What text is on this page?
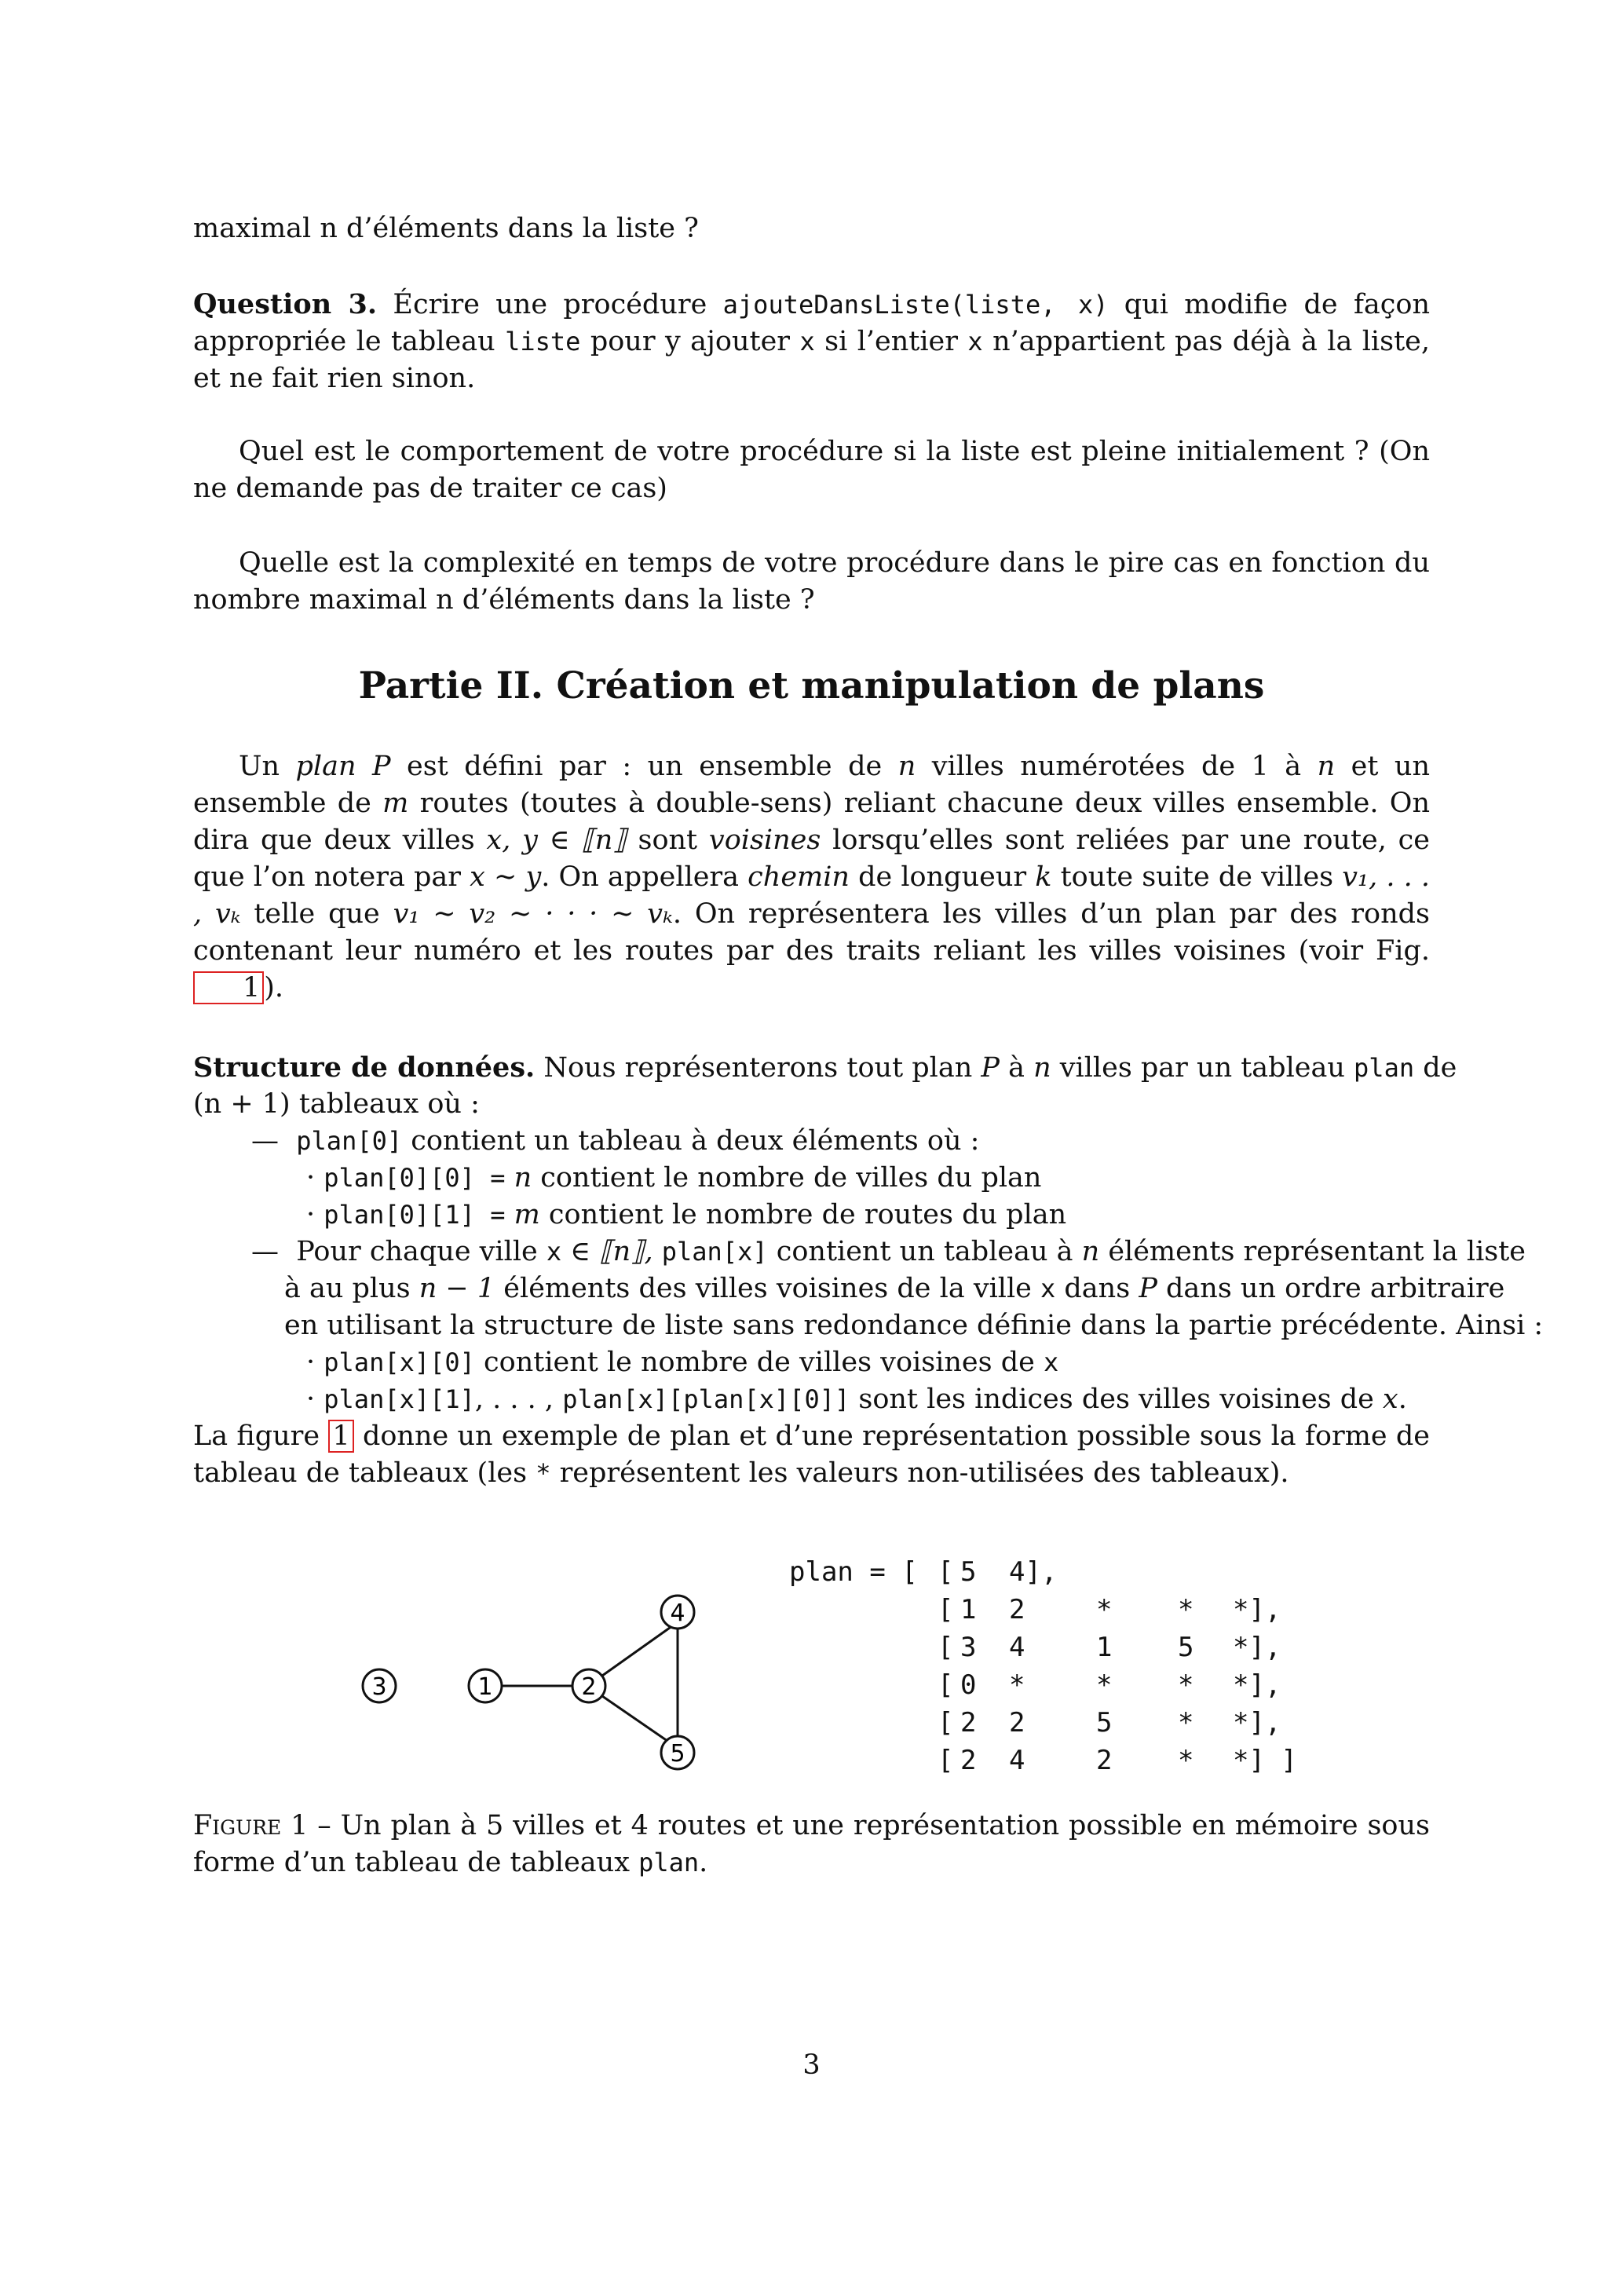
maximal n d’éléments dans la liste ?

Question 3. Écrire une procédure ajouteDansListe(liste, x) qui modifie de façon appropriée le tableau liste pour y ajouter x si l’entier x n’appartient pas déjà à la liste, et ne fait rien sinon.

Quel est le comportement de votre procédure si la liste est pleine initialement ? (On ne demande pas de traiter ce cas)

Quelle est la complexité en temps de votre procédure dans le pire cas en fonction du nombre maximal n d’éléments dans la liste ?

Partie II. Création et manipulation de plans

Un plan P est défini par : un ensemble de n villes numérotées de 1 à n et un ensemble de m routes (toutes à double-sens) reliant chacune deux villes ensemble. On dira que deux villes x, y ∈ ⟦n⟧ sont voisines lorsqu’elles sont reliées par une route, ce que l’on notera par x ∼ y. On appellera chemin de longueur k toute suite de villes v₁, . . . , vₖ telle que v₁ ∼ v₂ ∼ · · · ∼ vₖ. On représentera les villes d’un plan par des ronds contenant leur numéro et les routes par des traits reliant les villes voisines (voir Fig. 1 ).

Structure de données. Nous représenterons tout plan P à n villes par un tableau plan de

(n + 1) tableaux où :

— plan[0] contient un tableau à deux éléments où :

· plan[0][0] = n contient le nombre de villes du plan

· plan[0][1] = m contient le nombre de routes du plan

—  Pour chaque ville x ∈ ⟦n⟧, plan[x] contient un tableau à n éléments représentant la liste

à au plus n − 1 éléments des villes voisines de la ville x dans P dans un ordre arbitraire

en utilisant la structure de liste sans redondance définie dans la partie précédente. Ainsi :

· plan[x][0] contient le nombre de villes voisines de x

· plan[x][1], . . . , plan[x][plan[x][0]] sont les indices des villes voisines de x.

La figure 1 donne un exemple de plan et d’une représentation possible sous la forme de tableau de tableaux (les * représentent les valeurs non-utilisées des tableaux).

3	1	2
4
5
plan = [ [ 5 4],
[ 1 2	* * *],
[ 3 4	1 5 *],
[ 0 *	* * *],
[ 2 2	5 * *],
[ 2 4	2 * *] ]

Figure 1 – Un plan à 5 villes et 4 routes et une représentation possible en mémoire sous forme d’un tableau de tableaux plan.

3
